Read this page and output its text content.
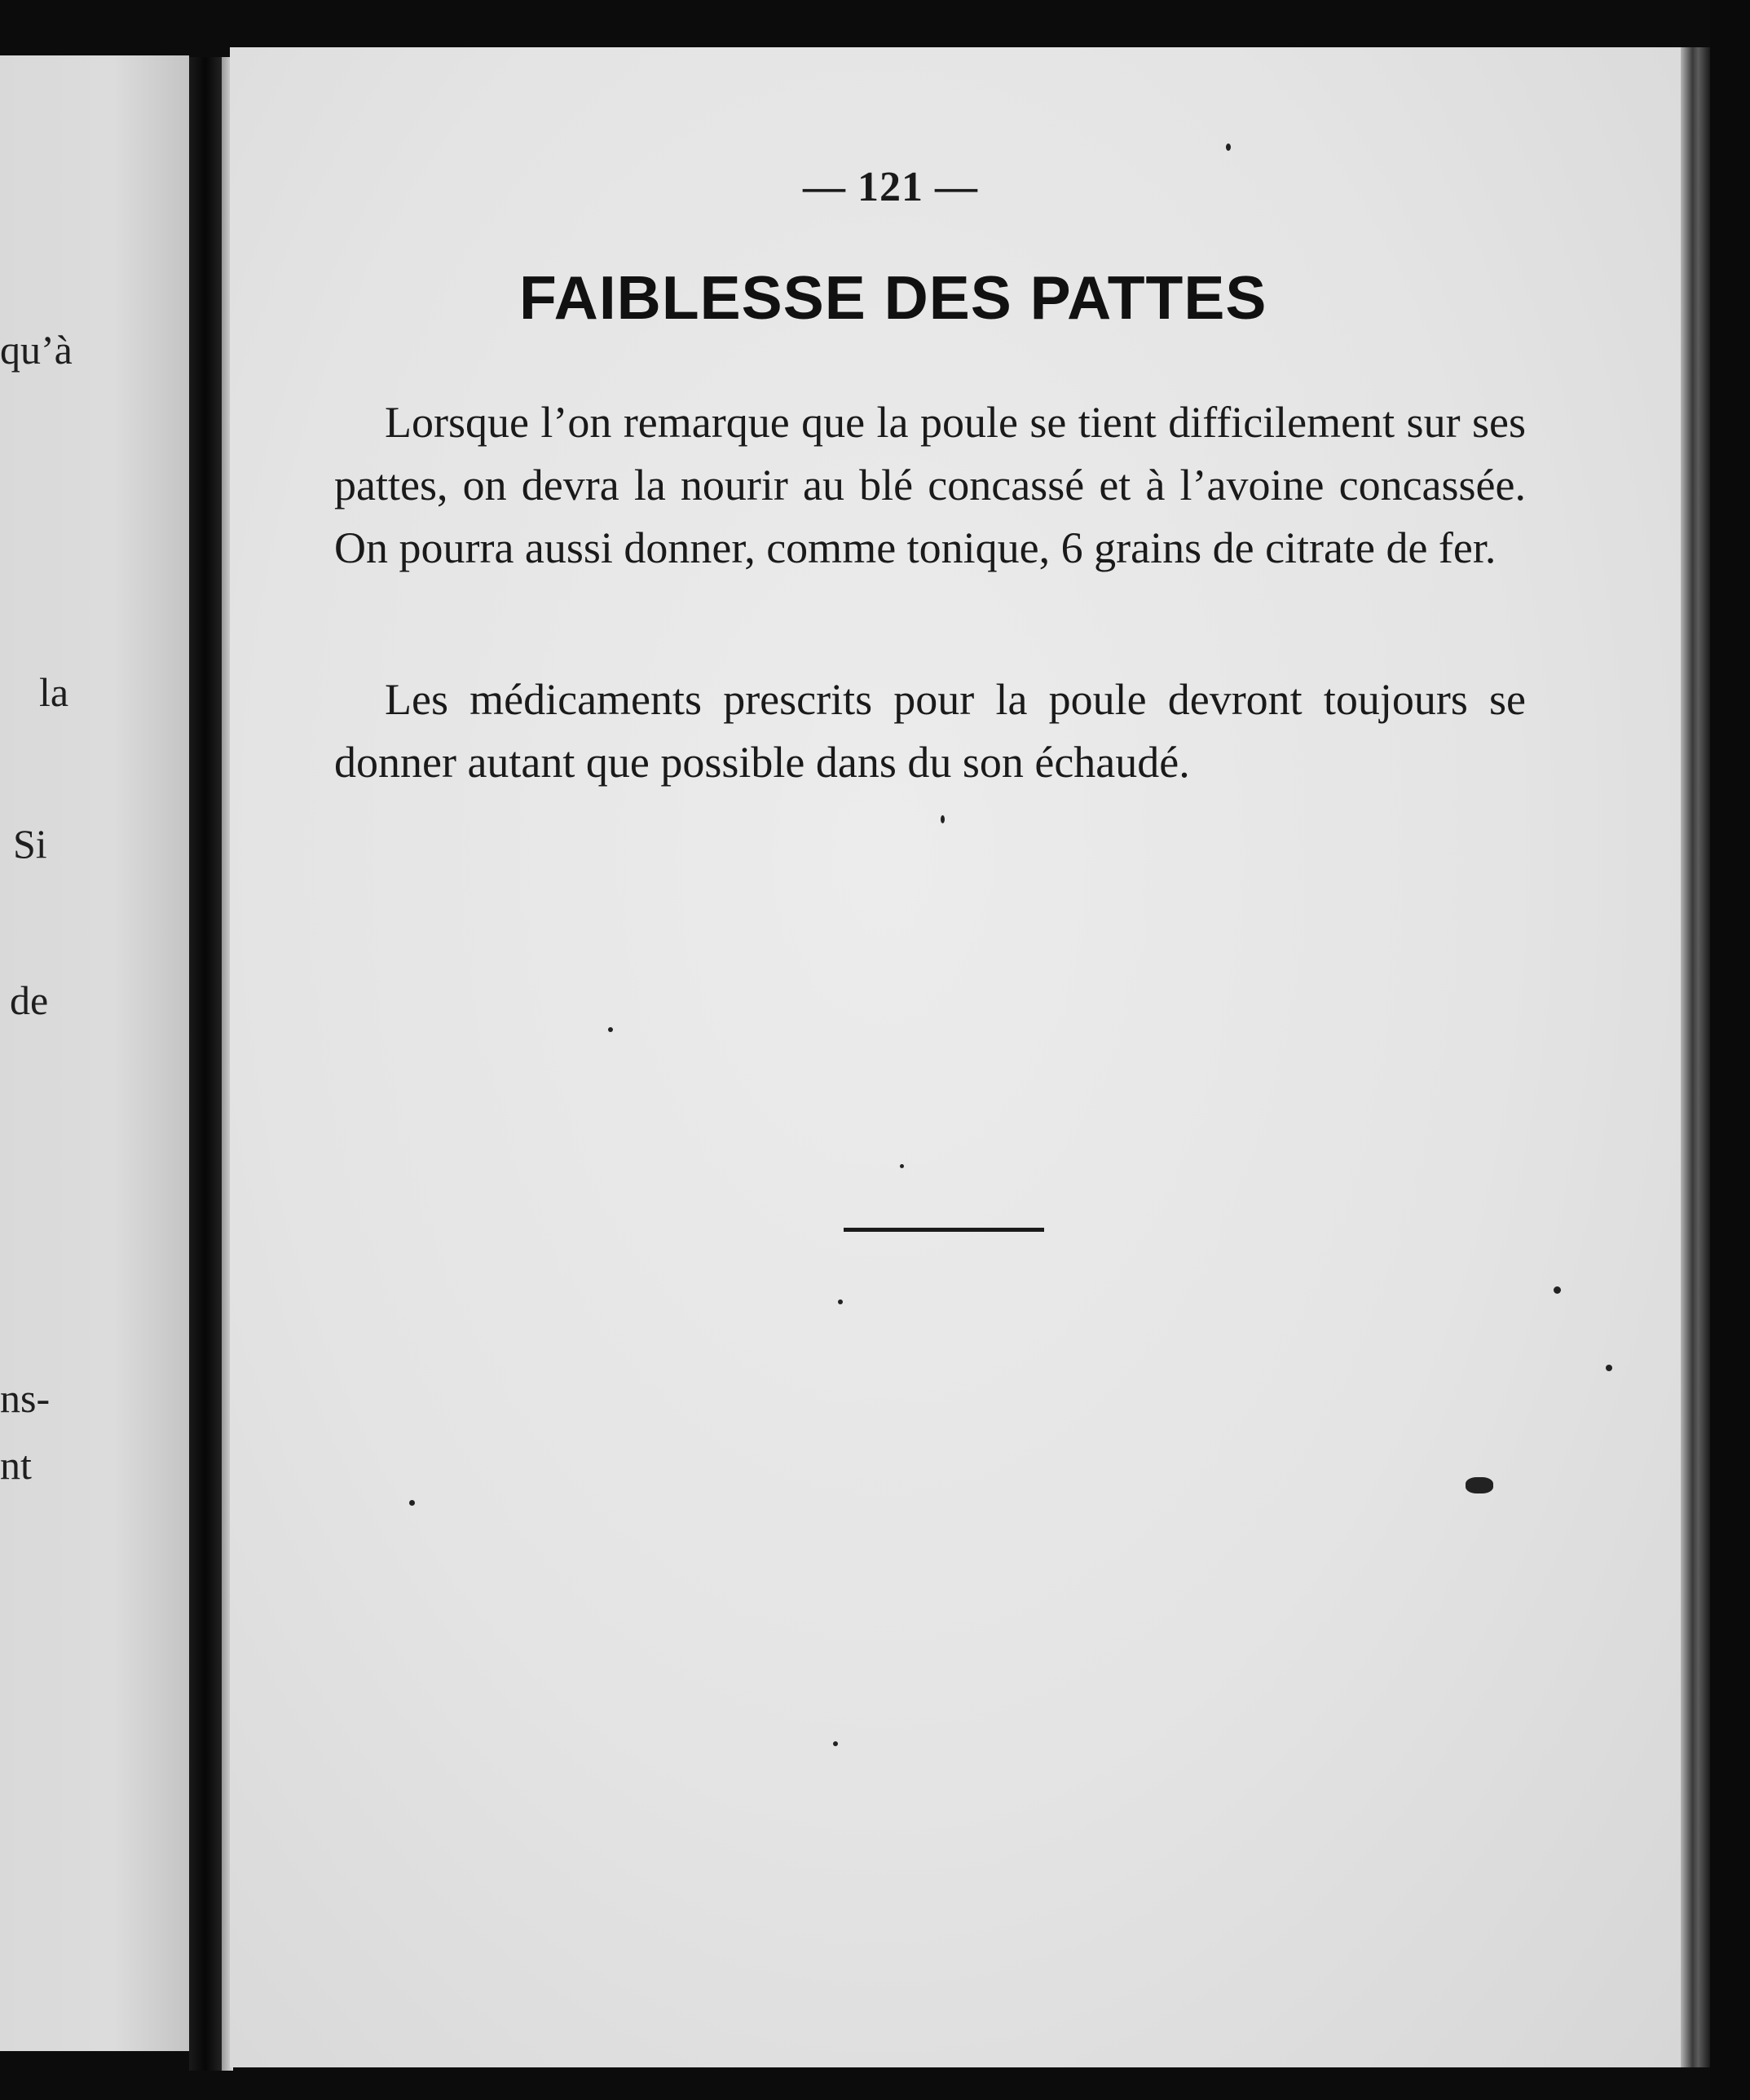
qu’à
la
Si
de
ns-
nt
— 121 —
FAIBLESSE DES PATTES

Lorsque l’on remarque que la poule se tient difficilement sur ses pattes, on devra la nourir au blé concassé et à l’avoine concassée. On pourra aussi donner, comme tonique, 6 grains de citrate de fer.

Les médicaments prescrits pour la poule devront toujours se donner autant que possible dans du son échaudé.
